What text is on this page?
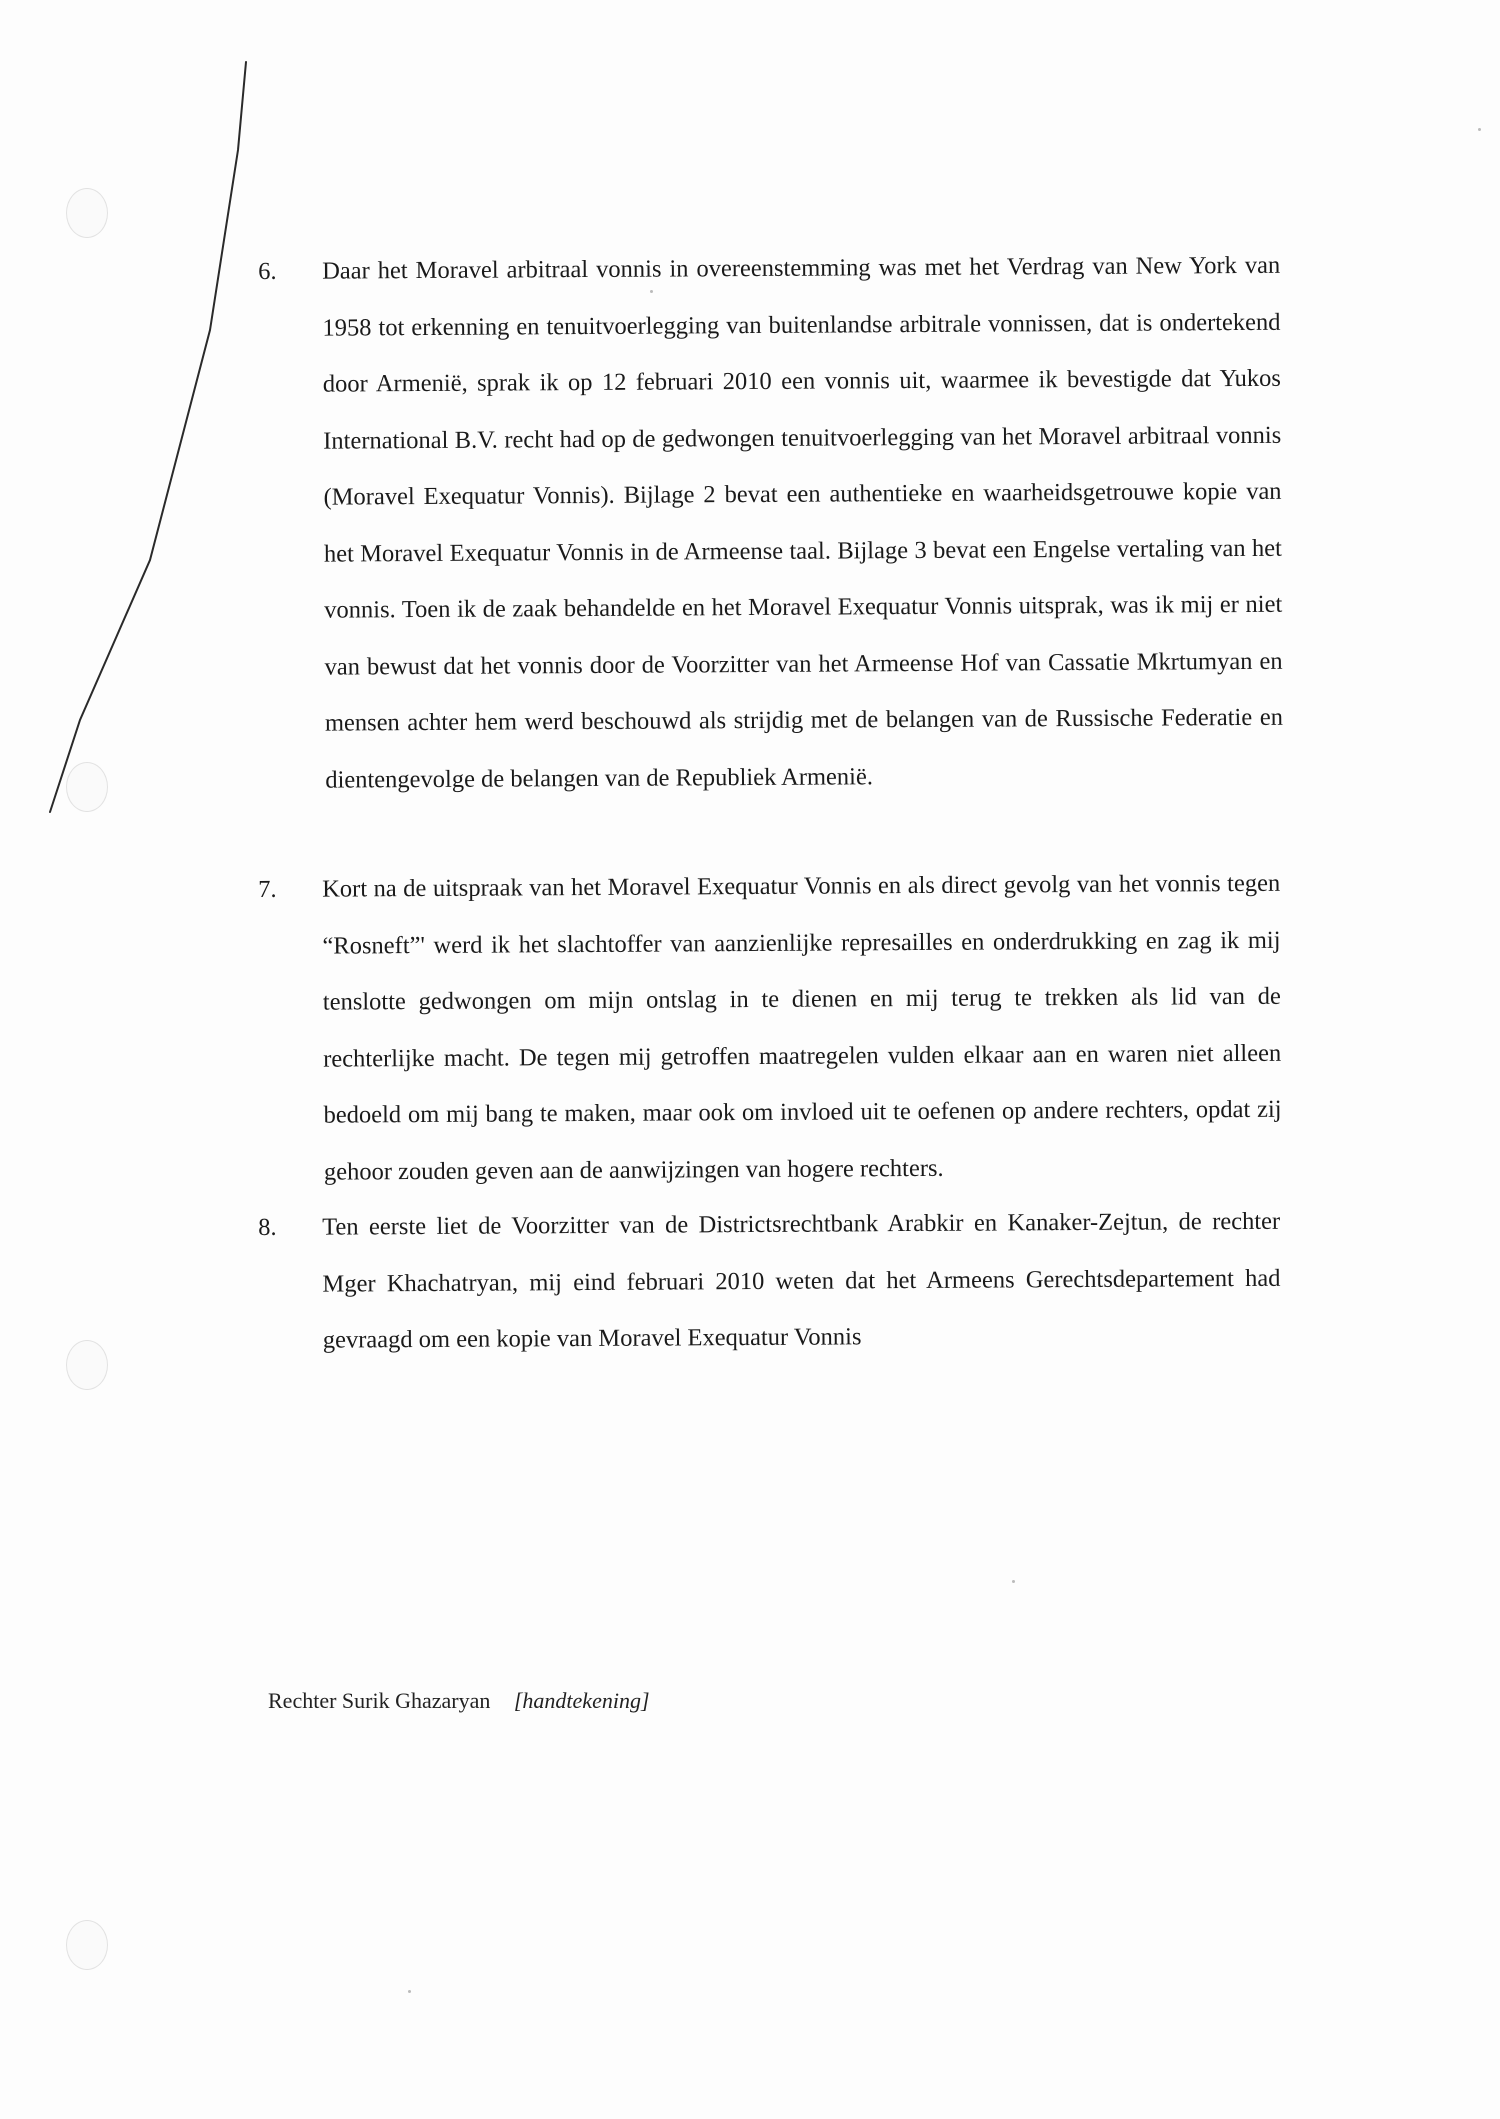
6.	Daar het Moravel arbitraal vonnis in overeenstemming was met het Verdrag van New York van 1958 tot erkenning en tenuitvoerlegging van buitenlandse arbitrale vonnissen, dat is ondertekend door Armenië, sprak ik op 12 februari 2010 een vonnis uit, waarmee ik bevestigde dat Yukos International B.V. recht had op de gedwongen tenuitvoerlegging van het Moravel arbitraal vonnis (Moravel Exequatur Vonnis). Bijlage 2 bevat een authentieke en waarheidsgetrouwe kopie van het Moravel Exequatur Vonnis in de Armeense taal. Bijlage 3 bevat een Engelse vertaling van het vonnis. Toen ik de zaak behandelde en het Moravel Exequatur Vonnis uitsprak, was ik mij er niet van bewust dat het vonnis door de Voorzitter van het Armeense Hof van Cassatie Mkrtumyan en mensen achter hem werd beschouwd als strijdig met de belangen van de Russische Federatie en dientengevolge de belangen van de Republiek Armenië.
7.	Kort na de uitspraak van het Moravel Exequatur Vonnis en als direct gevolg van het vonnis tegen “Rosneft”' werd ik het slachtoffer van aanzienlijke represailles en onderdrukking en zag ik mij tenslotte gedwongen om mijn ontslag in te dienen en mij terug te trekken als lid van de rechterlijke macht. De tegen mij getroffen maatregelen vulden elkaar aan en waren niet alleen bedoeld om mij bang te maken, maar ook om invloed uit te oefenen op andere rechters, opdat zij gehoor zouden geven aan de aanwijzingen van hogere rechters.
8.	Ten eerste liet de Voorzitter van de Districtsrechtbank Arabkir en Kanaker-Zejtun, de rechter Mger Khachatryan, mij eind februari 2010 weten dat het Armeens Gerechtsdepartement had gevraagd om een kopie van Moravel Exequatur Vonnis
Rechter Surik Ghazaryan [handtekening]
